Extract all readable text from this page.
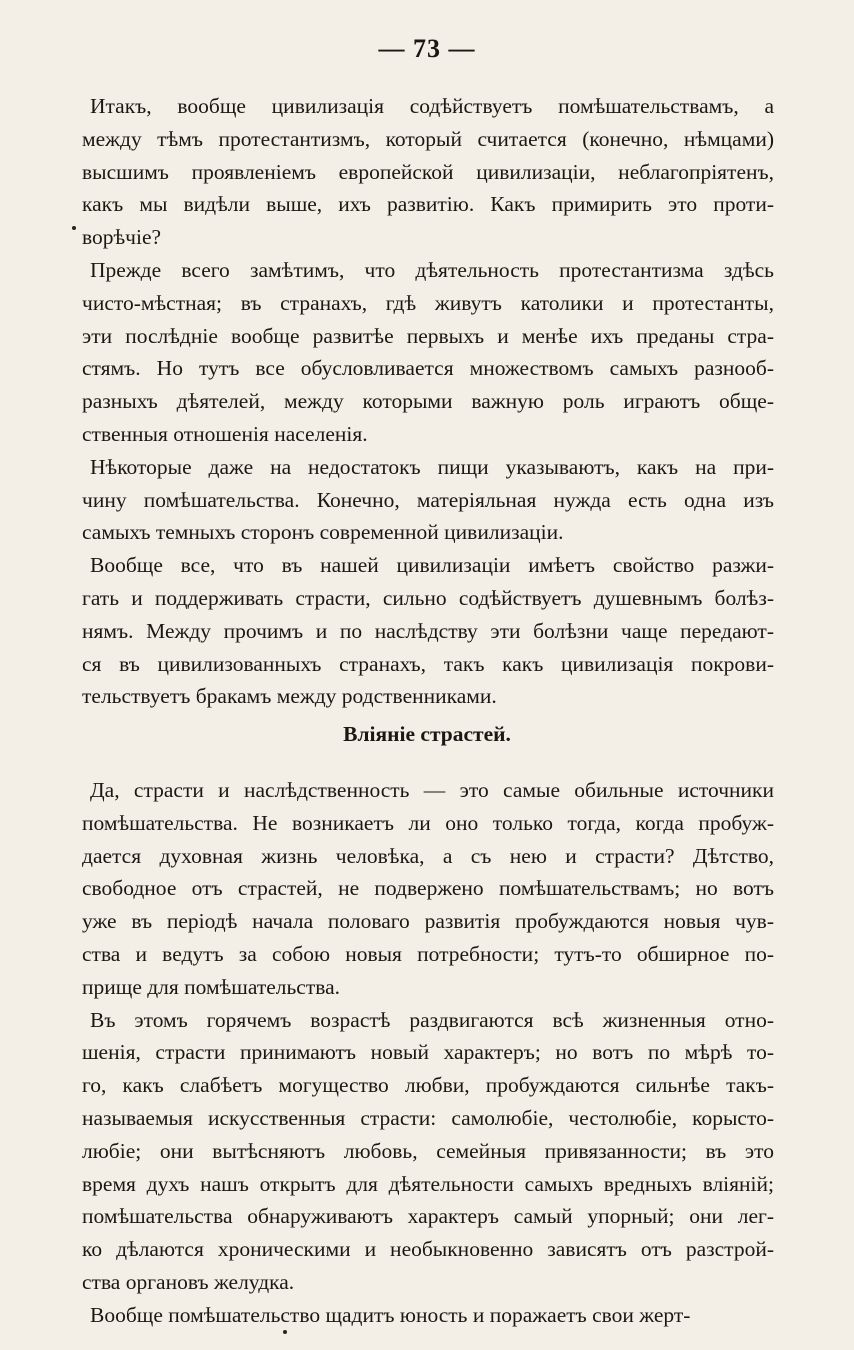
— 73 —
Итакъ, вообще цивилизація содѣйствуетъ помѣшательствамъ, а
между тѣмъ протестантизмъ, который считается (конечно, нѣмцами)
высшимъ проявленіемъ европейской цивилизаціи, неблагопріятенъ,
какъ мы видѣли выше, ихъ развитію. Какъ примирить это проти-
ворѣчіе?
Прежде всего замѣтимъ, что дѣятельность протестантизма здѣсь
чисто-мѣстная; въ странахъ, гдѣ живутъ католики и протестанты,
эти послѣдніе вообще развитѣе первыхъ и менѣе ихъ преданы стра-
стямъ. Но тутъ все обусловливается множествомъ самыхъ разнооб-
разныхъ дѣятелей, между которыми важную роль играютъ обще-
ственныя отношенія населенія.
Нѣкоторые даже на недостатокъ пищи указываютъ, какъ на при-
чину помѣшательства. Конечно, матеріяльная нужда есть одна изъ
самыхъ темныхъ сторонъ современной цивилизаціи.
Вообще все, что въ нашей цивилизаціи имѣетъ свойство разжи-
гать и поддерживать страсти, сильно содѣйствуетъ душевнымъ болѣз-
нямъ. Между прочимъ и по наслѣдству эти болѣзни чаще передают-
ся въ цивилизованныхъ странахъ, такъ какъ цивилизація покрови-
тельствуетъ бракамъ между родственниками.
Вліяніе страстей.
Да, страсти и наслѣдственность — это самые обильные источники
помѣшательства. Не возникаетъ ли оно только тогда, когда пробуж-
дается духовная жизнь человѣка, а съ нею и страсти? Дѣтство,
свободное отъ страстей, не подвержено помѣшательствамъ; но вотъ
уже въ періодѣ начала половаго развитія пробуждаются новыя чув-
ства и ведутъ за собою новыя потребности; тутъ-то обширное по-
прище для помѣшательства.
Въ этомъ горячемъ возрастѣ раздвигаются всѣ жизненныя отно-
шенія, страсти принимаютъ новый характеръ; но вотъ по мѣрѣ то-
го, какъ слабѣетъ могущество любви, пробуждаются сильнѣе такъ-
называемыя искусственныя страсти: самолюбіе, честолюбіе, корысто-
любіе; они вытѣсняютъ любовь, семейныя привязанности; въ это
время духъ нашъ открытъ для дѣятельности самыхъ вредныхъ вліяній;
помѣшательства обнаруживаютъ характеръ самый упорный; они лег-
ко дѣлаются хроническими и необыкновенно зависятъ отъ разстрой-
ства органовъ желудка.
Вообще помѣшательство щадитъ юность и поражаетъ свои жерт-
